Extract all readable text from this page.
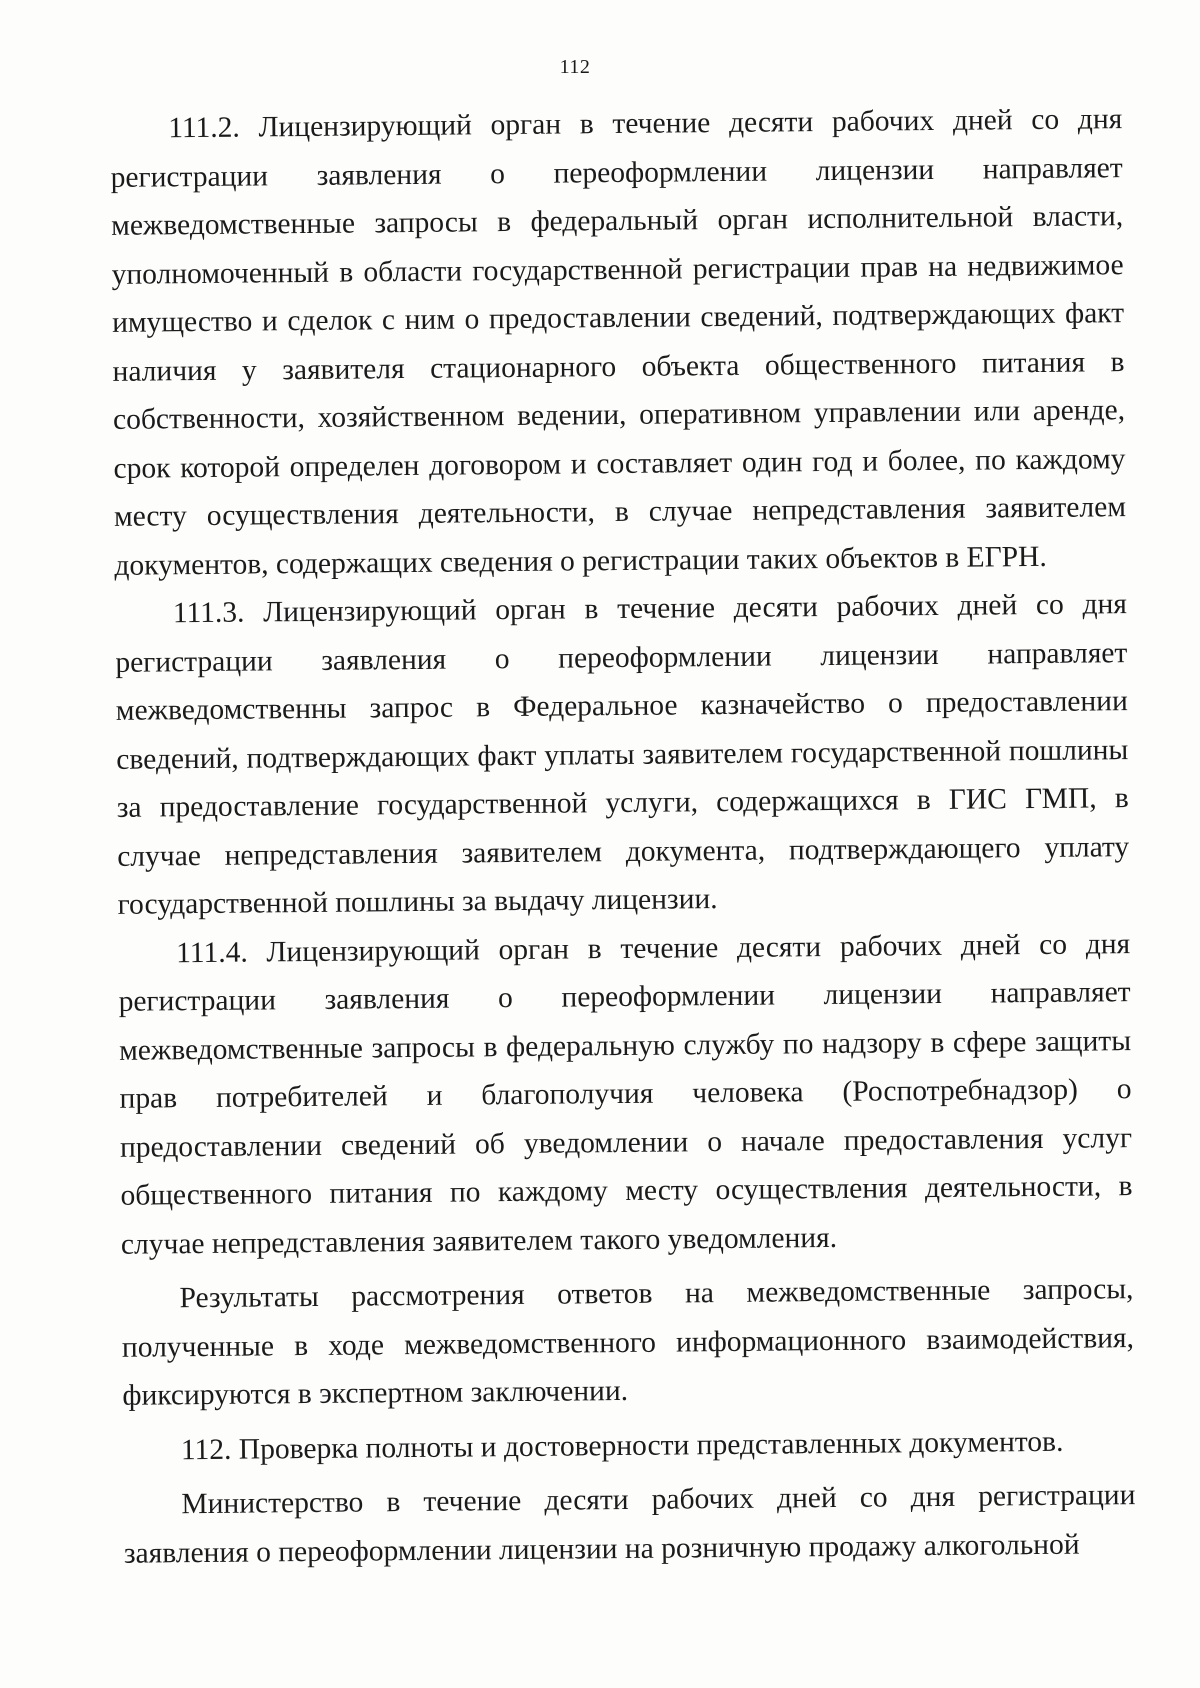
112

111.2. Лицензирующий орган в течение десяти рабочих дней со дня регистрации заявления о переоформлении лицензии направляет межведомственные запросы в федеральный орган исполнительной власти, уполномоченный в области государственной регистрации прав на недвижимое имущество и сделок с ним о предоставлении сведений, подтверждающих факт наличия у заявителя стационарного объекта общественного питания в собственности, хозяйственном ведении, оперативном управлении или аренде, срок которой определен договором и составляет один год и более, по каждому месту осуществления деятельности, в случае непредставления заявителем документов, содержащих сведения о регистрации таких объектов в ЕГРН.

111.3. Лицензирующий орган в течение десяти рабочих дней со дня регистрации заявления о переоформлении лицензии направляет межведомственны запрос в Федеральное казначейство о предоставлении сведений, подтверждающих факт уплаты заявителем государственной пошлины за предоставление государственной услуги, содержащихся в ГИС ГМП, в случае непредставления заявителем документа, подтверждающего уплату государственной пошлины за выдачу лицензии.

111.4. Лицензирующий орган в течение десяти рабочих дней со дня регистрации заявления о переоформлении лицензии направляет межведомственные запросы в федеральную службу по надзору в сфере защиты прав потребителей и благополучия человека (Роспотребнадзор) о предоставлении сведений об уведомлении о начале предоставления услуг общественного питания по каждому месту осуществления деятельности, в случае непредставления заявителем такого уведомления.

Результаты рассмотрения ответов на межведомственные запросы, полученные в ходе межведомственного информационного взаимодействия, фиксируются в экспертном заключении.

112. Проверка полноты и достоверности представленных документов.

Министерство в течение десяти рабочих дней со дня регистрации заявления о переоформлении лицензии на розничную продажу алкогольной
